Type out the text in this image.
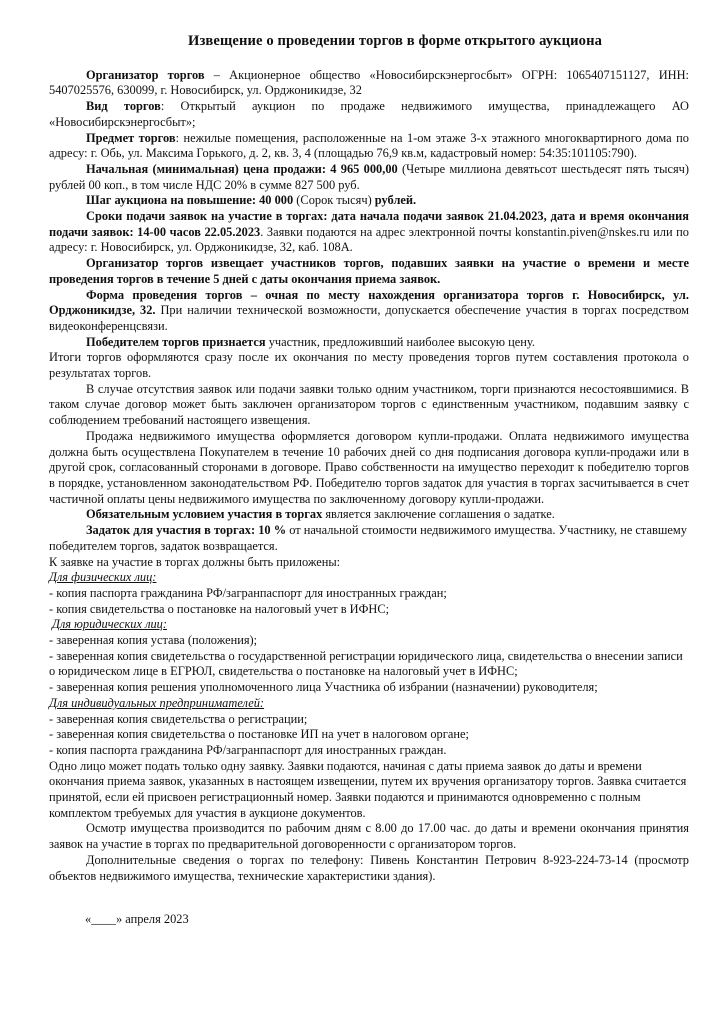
Извещение о проведении торгов в форме открытого аукциона

Организатор торгов – Акционерное общество «Новосибирскэнергосбыт» ОГРН: 1065407151127, ИНН: 5407025576, 630099, г. Новосибирск, ул. Орджоникидзе, 32

Вид торгов: Открытый аукцион по продаже недвижимого имущества, принадлежащего АО «Новосибирскэнергосбыт»;

Предмет торгов: нежилые помещения, расположенные на 1-ом этаже 3-х этажного многоквартирного дома по адресу: г. Обь, ул. Максима Горького, д. 2, кв. 3, 4 (площадью 76,9 кв.м, кадастровый номер: 54:35:101105:790).

Начальная (минимальная) цена продажи: 4 965 000,00 (Четыре миллиона девятьсот шестьдесят пять тысяч) рублей 00 коп., в том числе НДС 20% в сумме 827 500 руб.

Шаг аукциона на повышение: 40 000 (Сорок тысяч) рублей.

Сроки подачи заявок на участие в торгах: дата начала подачи заявок 21.04.2023, дата и время окончания подачи заявок: 14-00 часов 22.05.2023. Заявки подаются на адрес электронной почты konstantin.piven@nskes.ru или по адресу: г. Новосибирск, ул. Орджоникидзе, 32, каб. 108А.

Организатор торгов извещает участников торгов, подавших заявки на участие о времени и месте проведения торгов в течение 5 дней с даты окончания приема заявок.

Форма проведения торгов – очная по месту нахождения организатора торгов г. Новосибирск, ул. Орджоникидзе, 32. При наличии технической возможности, допускается обеспечение участия в торгах посредством видеоконференцсвязи.

Победителем торгов признается участник, предложивший наиболее высокую цену.

Итоги торгов оформляются сразу после их окончания по месту проведения торгов путем составления протокола о результатах торгов.

В случае отсутствия заявок или подачи заявки только одним участником, торги признаются несостоявшимися. В таком случае договор может быть заключен организатором торгов с единственным участником, подавшим заявку с соблюдением требований настоящего извещения.

Продажа недвижимого имущества оформляется договором купли-продажи. Оплата недвижимого имущества должна быть осуществлена Покупателем в течение 10 рабочих дней со дня подписания договора купли-продажи или в другой срок, согласованный сторонами в договоре. Право собственности на имущество переходит к победителю торгов в порядке, установленном законодательством РФ. Победителю торгов задаток для участия в торгах засчитывается в счет частичной оплаты цены недвижимого имущества по заключенному договору купли-продажи.

Обязательным условием участия в торгах является заключение соглашения о задатке.

Задаток для участия в торгах: 10 % от начальной стоимости недвижимого имущества. Участнику, не ставшему победителем торгов, задаток возвращается.

К заявке на участие в торгах должны быть приложены:

Для физических лиц:

- копия паспорта гражданина РФ/загранпаспорт для иностранных граждан;

- копия свидетельства о постановке на налоговый учет в ИФНС;

Для юридических лиц:

- заверенная копия устава (положения);

- заверенная копия свидетельства о государственной регистрации юридического лица, свидетельства о внесении записи о юридическом лице в ЕГРЮЛ, свидетельства о постановке на налоговый учет в ИФНС;

- заверенная копия решения уполномоченного лица Участника об избрании (назначении) руководителя;

Для индивидуальных предпринимателей:

- заверенная копия свидетельства о регистрации;

- заверенная копия свидетельства о постановке ИП на учет в налоговом органе;

- копия паспорта гражданина РФ/загранпаспорт для иностранных граждан.

Одно лицо может подать только одну заявку. Заявки подаются, начиная с даты приема заявок до даты и времени окончания приема заявок, указанных в настоящем извещении, путем их вручения организатору торгов. Заявка считается принятой, если ей присвоен регистрационный номер. Заявки подаются и принимаются одновременно с полным комплектом требуемых для участия в аукционе документов.

Осмотр имущества производится по рабочим дням с 8.00 до 17.00 час. до даты и времени окончания принятия заявок на участие в торгах по предварительной договоренности с организатором торгов.

Дополнительные сведения о торгах по телефону: Пивень Константин Петрович 8-923-224-73-14 (просмотр объектов недвижимого имущества, технические характеристики здания).

«____» апреля 2023
